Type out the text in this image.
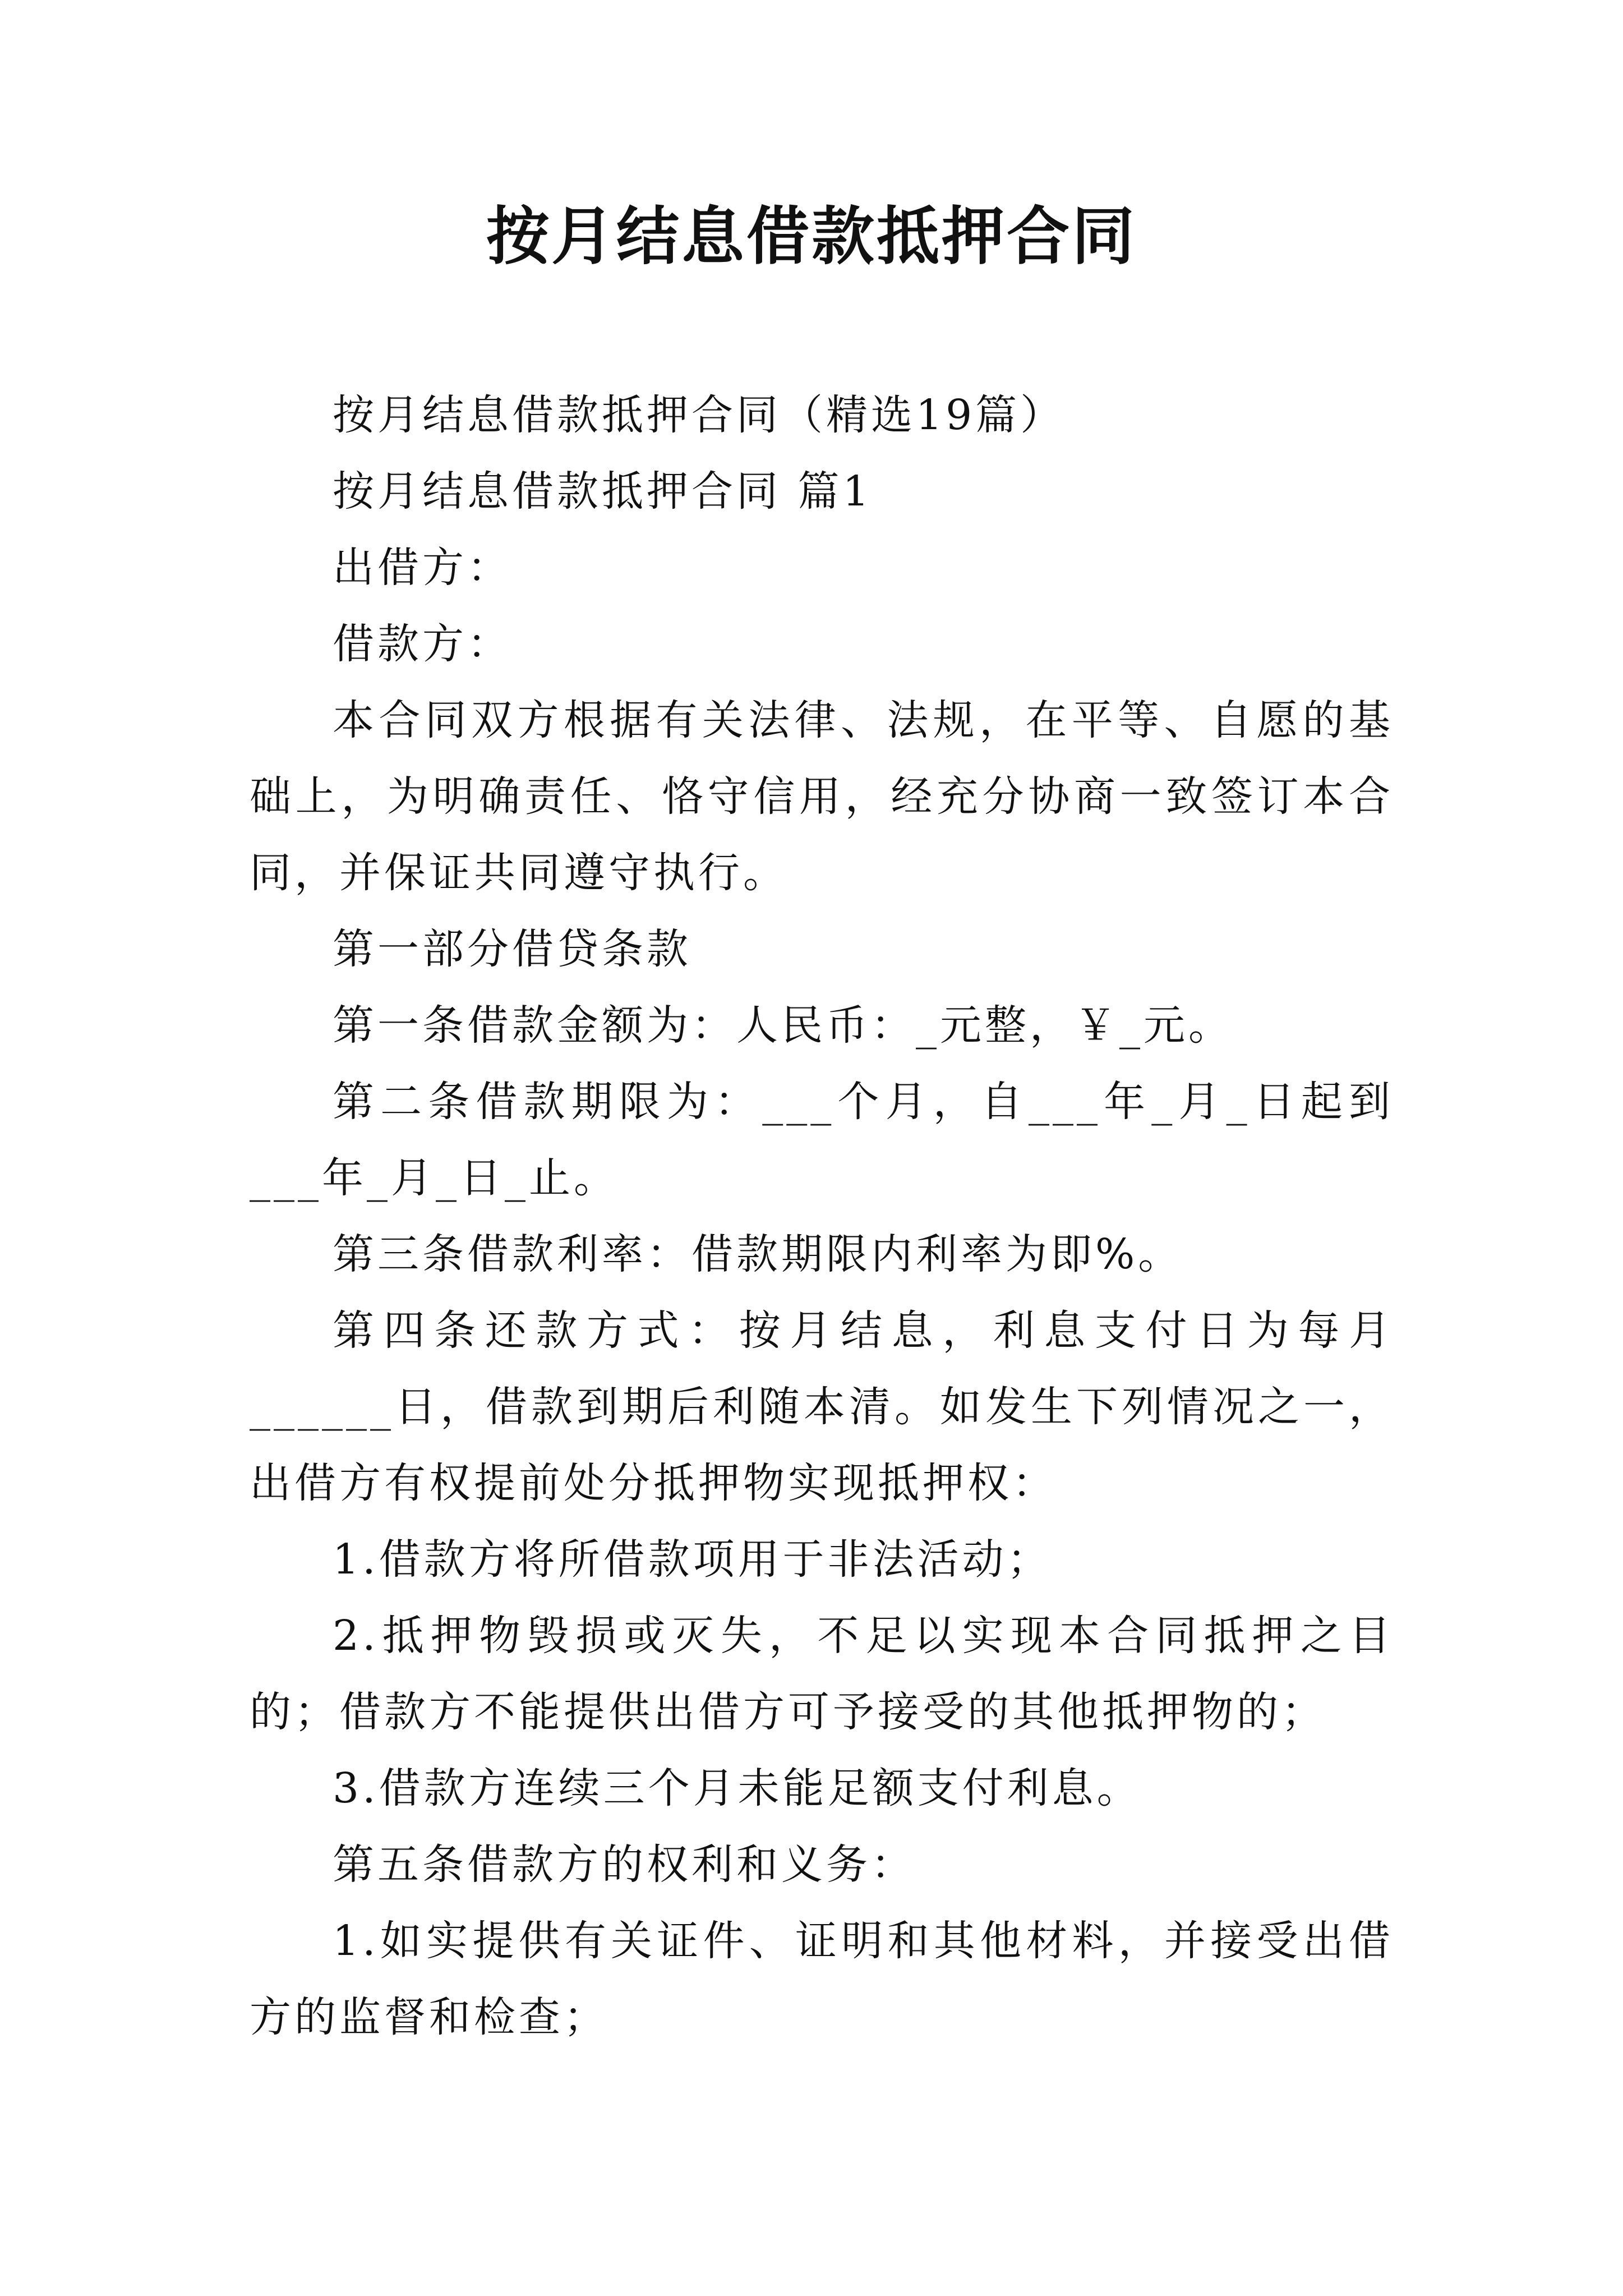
按月结息借款抵押合同

按月结息借款抵押合同（精选19篇）

按月结息借款抵押合同 篇1

出借方：

借款方：

本合同双方根据有关法律、法规，在平等、自愿的基础上，为明确责任、恪守信用，经充分协商一致签订本合同，并保证共同遵守执行。

第一部分借贷条款

第一条借款金额为：人民币：_元整，￥_元。

第二条借款期限为：___个月，自___年_月_日起到___年_月_日_止。

第三条借款利率：借款期限内利率为即%。

第四条还款方式：按月结息，利息支付日为每月______日，借款到期后利随本清。如发生下列情况之一，出借方有权提前处分抵押物实现抵押权：

1.借款方将所借款项用于非法活动；

2.抵押物毁损或灭失，不足以实现本合同抵押之目的；借款方不能提供出借方可予接受的其他抵押物的；

3.借款方连续三个月未能足额支付利息。

第五条借款方的权利和义务：

1.如实提供有关证件、证明和其他材料，并接受出借方的监督和检查；
